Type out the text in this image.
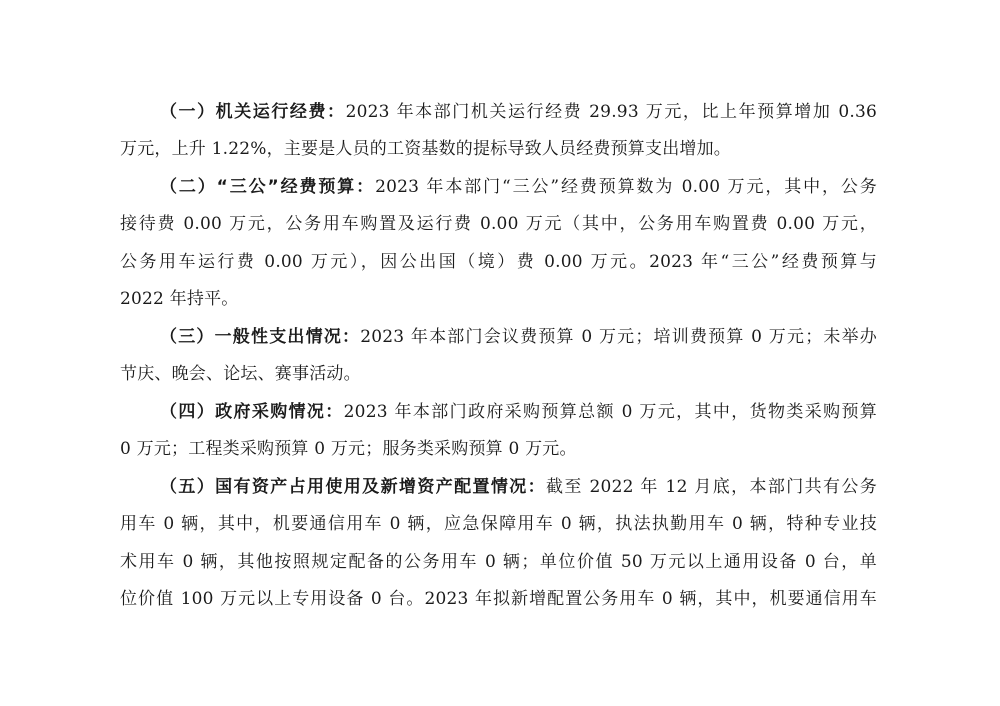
（一）机关运行经费：2023 年本部门机关运行经费 29.93 万元，比上年预算增加 0.36
万元，上升 1.22%，主要是人员的工资基数的提标导致人员经费预算支出增加。
（二）“三公”经费预算：2023 年本部门“三公”经费预算数为 0.00 万元，其中，公务
接待费 0.00 万元，公务用车购置及运行费 0.00 万元（其中，公务用车购置费 0.00 万元，
公务用车运行费 0.00 万元），因公出国（境）费 0.00 万元。2023 年“三公”经费预算与
2022 年持平。
（三）一般性支出情况：2023 年本部门会议费预算 0 万元；培训费预算 0 万元；未举办
节庆、晚会、论坛、赛事活动。
（四）政府采购情况：2023 年本部门政府采购预算总额 0 万元，其中，货物类采购预算
0 万元；工程类采购预算 0 万元；服务类采购预算 0 万元。
（五）国有资产占用使用及新增资产配置情况：截至 2022 年 12 月底，本部门共有公务
用车 0 辆，其中，机要通信用车 0 辆，应急保障用车 0 辆，执法执勤用车 0 辆，特种专业技
术用车 0 辆，其他按照规定配备的公务用车 0 辆；单位价值 50 万元以上通用设备 0 台，单
位价值 100 万元以上专用设备 0 台。2023 年拟新增配置公务用车 0 辆，其中，机要通信用车
